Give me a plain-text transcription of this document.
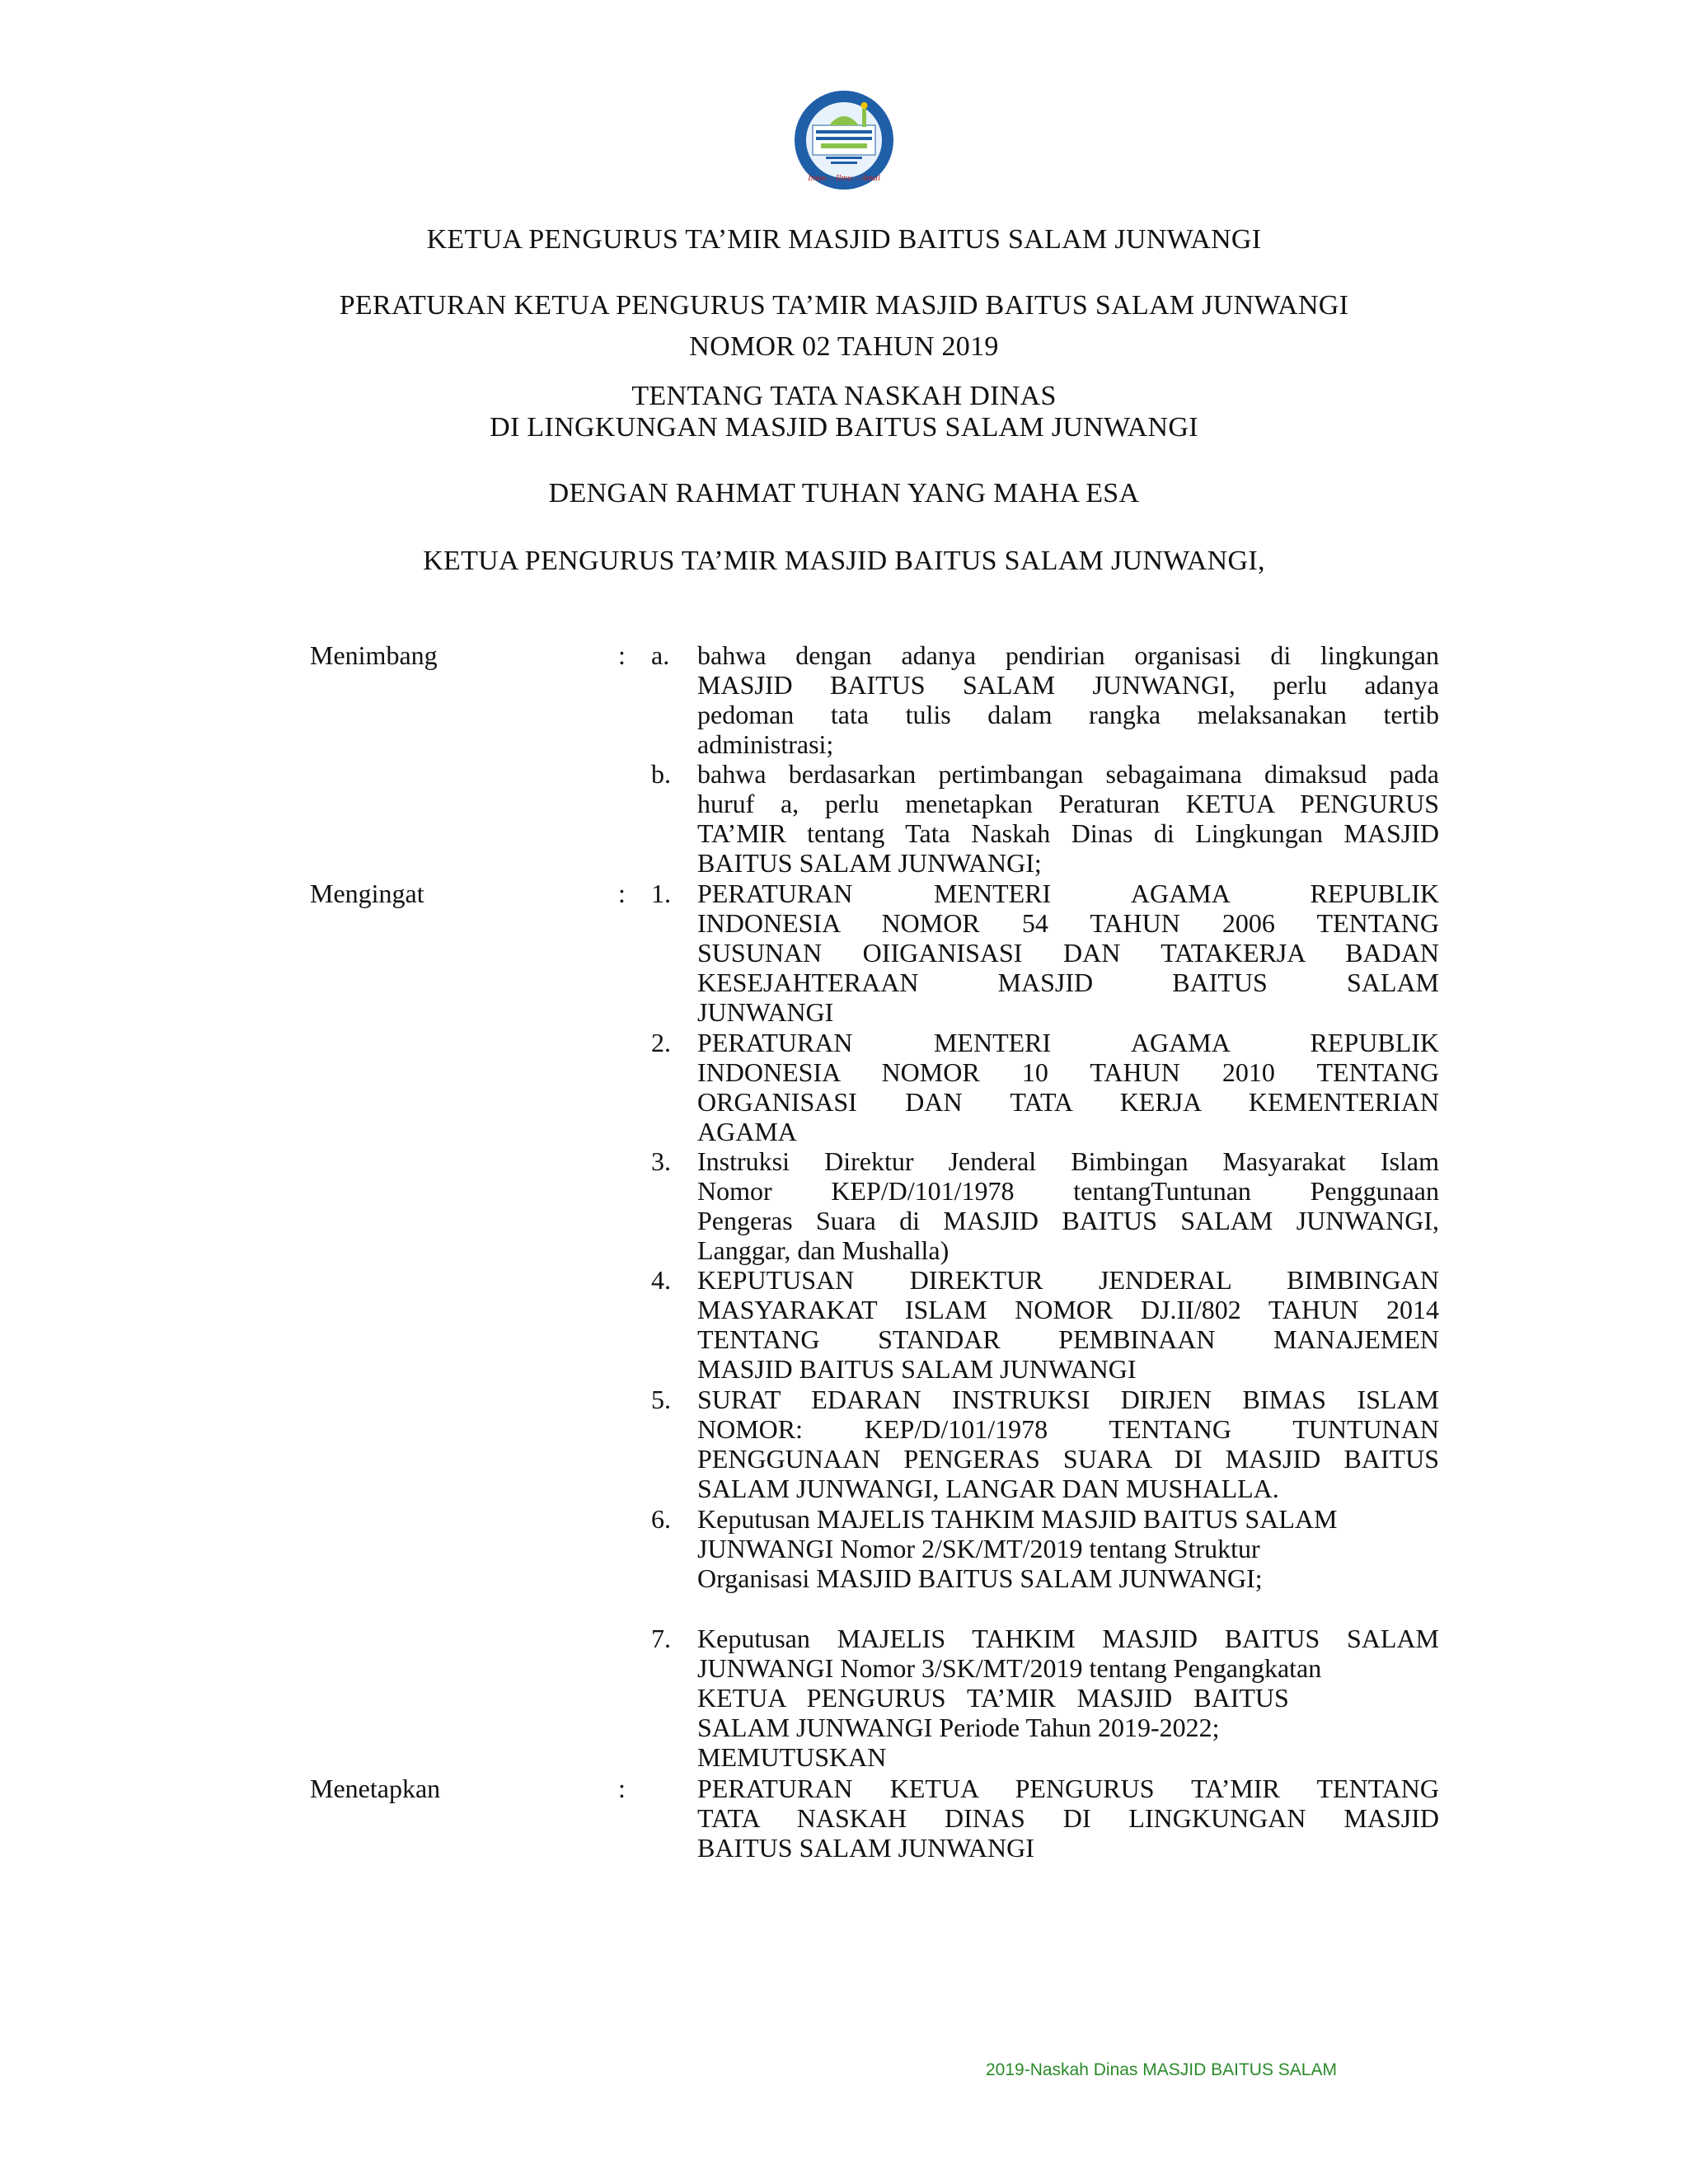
Iman – Ilmu – Amal
KETUA PENGURUS TA’MIR MASJID BAITUS SALAM JUNWANGI
PERATURAN KETUA PENGURUS TA’MIR MASJID BAITUS SALAM JUNWANGI
NOMOR 02 TAHUN 2019
TENTANG TATA NASKAH DINAS
DI LINGKUNGAN MASJID BAITUS SALAM JUNWANGI
DENGAN RAHMAT TUHAN YANG MAHA ESA
KETUA PENGURUS TA’MIR MASJID BAITUS SALAM JUNWANGI,
Menimbang	: a. bahwa dengan adanya pendirian organisasi di lingkungan
MASJID BAITUS SALAM JUNWANGI, perlu adanya
pedoman tata tulis dalam rangka melaksanakan tertib
administrasi;
b. bahwa berdasarkan pertimbangan sebagaimana dimaksud pada
huruf a, perlu menetapkan Peraturan KETUA PENGURUS
TA’MIR tentang Tata Naskah Dinas di Lingkungan MASJID
BAITUS SALAM JUNWANGI;
Mengingat	: 1. PERATURAN MENTERI AGAMA REPUBLIK
INDONESIA NOMOR 54 TAHUN 2006 TENTANG
SUSUNAN OIIGANISASI DAN TATAKERJA BADAN
KESEJAHTERAAN MASJID BAITUS SALAM
JUNWANGI
2. PERATURAN MENTERI AGAMA REPUBLIK
INDONESIA NOMOR 10 TAHUN 2010 TENTANG
ORGANISASI DAN TATA KERJA KEMENTERIAN
AGAMA
3. Instruksi Direktur Jenderal Bimbingan Masyarakat Islam
Nomor KEP/D/101/1978 tentangTuntunan Penggunaan
Pengeras Suara di MASJID BAITUS SALAM JUNWANGI,
Langgar, dan Mushalla)
4. KEPUTUSAN DIREKTUR JENDERAL BIMBINGAN
MASYARAKAT ISLAM NOMOR DJ.II/802 TAHUN 2014
TENTANG STANDAR PEMBINAAN MANAJEMEN
MASJID BAITUS SALAM JUNWANGI
5. SURAT EDARAN INSTRUKSI DIRJEN BIMAS ISLAM
NOMOR: KEP/D/101/1978 TENTANG TUNTUNAN
PENGGUNAAN PENGERAS SUARA DI MASJID BAITUS
SALAM JUNWANGI, LANGAR DAN MUSHALLA.
6. Keputusan MAJELIS TAHKIM MASJID BAITUS SALAM
JUNWANGI Nomor 2/SK/MT/2019 tentang Struktur
Organisasi MASJID BAITUS SALAM JUNWANGI;
7. Keputusan MAJELIS TAHKIM MASJID BAITUS SALAM
JUNWANGI Nomor 3/SK/MT/2019 tentang Pengangkatan
KETUA PENGURUS TA’MIR MASJID BAITUS
SALAM JUNWANGI Periode Tahun 2019-2022;
MEMUTUSKAN
Menetapkan	:	PERATURAN KETUA PENGURUS TA’MIR TENTANG
TATA NASKAH DINAS DI LINGKUNGAN MASJID
BAITUS SALAM JUNWANGI
2019-Naskah Dinas MASJID BAITUS SALAM
